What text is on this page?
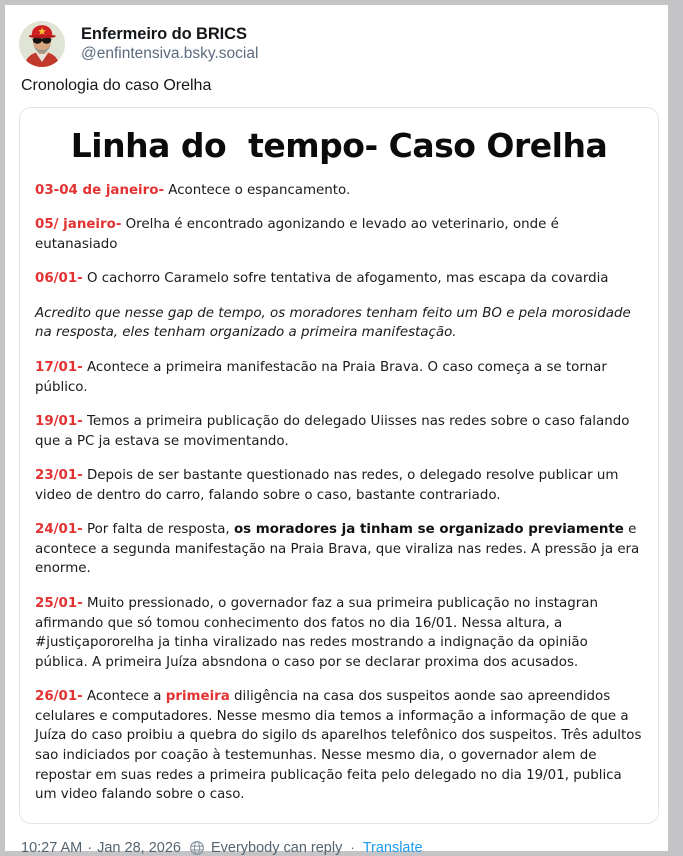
Enfermeiro do BRICS
@enfintensiva.bsky.social
Cronologia do caso Orelha
Linha do  tempo- Caso Orelha

03-04 de janeiro- Acontece o espancamento.

05/ janeiro- Orelha é encontrado agonizando e levado ao veterinario, onde é eutanasiado

06/01- O cachorro Caramelo sofre tentativa de afogamento, mas escapa da covardia

Acredito que nesse gap de tempo, os moradores tenham feito um BO e pela morosidade na resposta, eles tenham organizado a primeira manifestação.

17/01- Acontece a primeira manifestacão na Praia Brava. O caso começa a se tornar público.

19/01- Temos a primeira publicação do delegado Uiisses nas redes sobre o caso falando que a PC ja estava se movimentando.

23/01- Depois de ser bastante questionado nas redes, o delegado resolve publicar um video de dentro do carro, falando sobre o caso, bastante contrariado.

24/01- Por falta de resposta, os moradores ja tinham se organizado previamente e acontece a segunda manifestação na Praia Brava, que viraliza nas redes. A pressão ja era enorme.

25/01- Muito pressionado, o governador faz a sua primeira publicação no instagran afirmando que só tomou conhecimento dos fatos no dia 16/01. Nessa altura, a #justiçapororelha ja tinha viralizado nas redes mostrando a indignação da opinião pública. A primeira Juíza absndona o caso por se declarar proxima dos acusados.

26/01- Acontece a primeira diligência na casa dos suspeitos aonde sao apreendidos celulares e computadores. Nesse mesmo dia temos a informação a informação de que a Juíza do caso proibiu a quebra do sigilo ds aparelhos telefônico dos suspeitos. Três adultos sao indiciados por coação à testemunhas. Nesse mesmo dia, o governador alem de repostar em suas redes a primeira publicação feita pelo delegado no dia 19/01, publica um video falando sobre o caso.

10:27 AM · Jan 28, 2026 Everybody can reply · Translate
